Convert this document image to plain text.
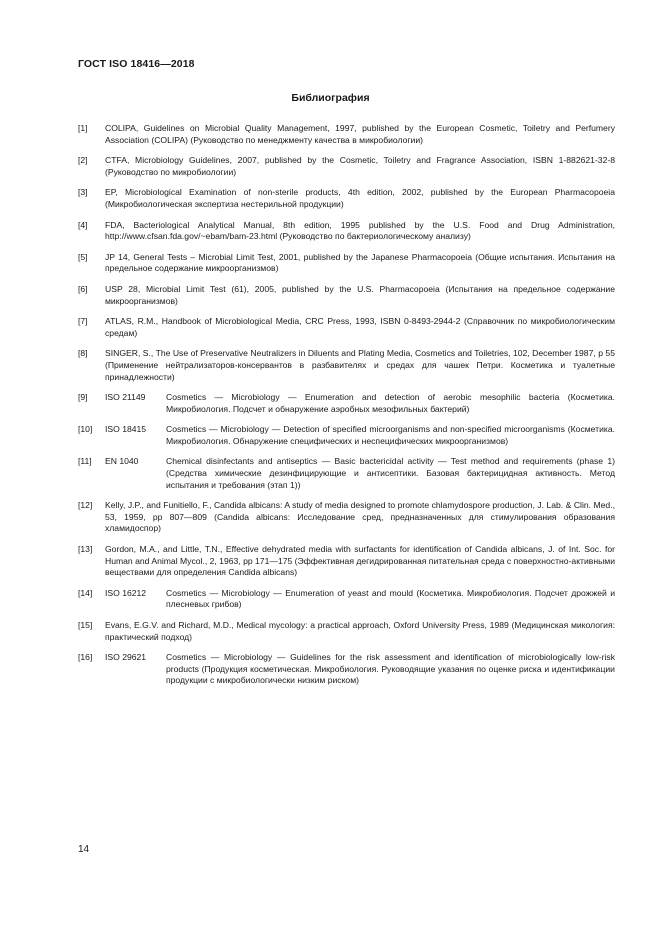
ГОСТ ISO 18416—2018
Библиография
[1] COLIPA, Guidelines on Microbial Quality Management, 1997, published by the European Cosmetic, Toiletry and Perfumery Association (COLIPA) (Руководство по менеджменту качества в микробиологии)
[2] CTFA, Microbiology Guidelines, 2007, published by the Cosmetic, Toiletry and Fragrance Association, ISBN 1-882621-32-8 (Руководство по микробиологии)
[3] EP, Microbiological Examination of non-sterile products, 4th edition, 2002, published by the European Pharmacopoeia (Микробиологическая экспертиза нестерильной продукции)
[4] FDA, Bacteriological Analytical Manual, 8th edition, 1995 published by the U.S. Food and Drug Administration, http://www.cfsan.fda.gov/~ebam/bam-23.html (Руководство по бактериологическому анализу)
[5] JP 14, General Tests – Microbial Limit Test, 2001, published by the Japanese Pharmacopoeia (Общие испытания. Испытания на предельное содержание микроорганизмов)
[6] USP 28, Microbial Limit Test (61), 2005, published by the U.S. Pharmacopoeia (Испытания на предельное содержание микроорганизмов)
[7] ATLAS, R.M., Handbook of Microbiological Media, CRC Press, 1993, ISBN 0-8493-2944-2 (Справочник по микробиологическим средам)
[8] SINGER, S., The Use of Preservative Neutralizers in Diluents and Plating Media, Cosmetics and Toiletries, 102, December 1987, p 55 (Применение нейтрализаторов-консервантов в разбавителях и средах для чашек Петри. Косметика и туалетные принадлежности)
[9] ISO 21149 Cosmetics — Microbiology — Enumeration and detection of aerobic mesophilic bacteria (Косметика. Микробиология. Подсчет и обнаружение аэробных мезофильных бактерий)
[10] ISO 18415 Cosmetics — Microbiology — Detection of specified microorganisms and non-specified microorganisms (Косметика. Микробиология. Обнаружение специфических и неспецифических микроорганизмов)
[11] EN 1040	Chemical disinfectants and antiseptics — Basic bactericidal activity — Test method and requirements (phase 1) (Средства химические дезинфицирующие и антисептики. Базовая бактерицидная активность. Метод испытания и требования (этап 1))
[12] Kelly, J.P., and Funitiello, F., Candida albicans: A study of media designed to promote chlamydospore production, J. Lab. & Clin. Med., 53, 1959, pp 807—809 (Candida albicans: Исследование сред, предназначенных для стимулирования образования хламидоспор)
[13] Gordon, M.A., and Little, T.N., Effective dehydrated media with surfactants for identification of Candida albicans, J. of Int. Soc. for Human and Animal Mycol., 2, 1963, pp 171—175 (Эффективная дегидрированная питательная среда с поверхностно-активными веществами для определения Candida albicans)
[14] ISO 16212 Cosmetics — Microbiology — Enumeration of yeast and mould (Косметика. Микробиология. Подсчет дрожжей и плесневых грибов)
[15] Evans, E.G.V. and Richard, M.D., Medical mycology: a practical approach, Oxford University Press, 1989 (Медицинская микология: практический подход)
[16] ISO 29621 Cosmetics — Microbiology — Guidelines for the risk assessment and identification of microbiologically low-risk products (Продукция косметическая. Микробиология. Руководящие указания по оценке риска и идентификации продукции с микробиологически низким риском)
14
